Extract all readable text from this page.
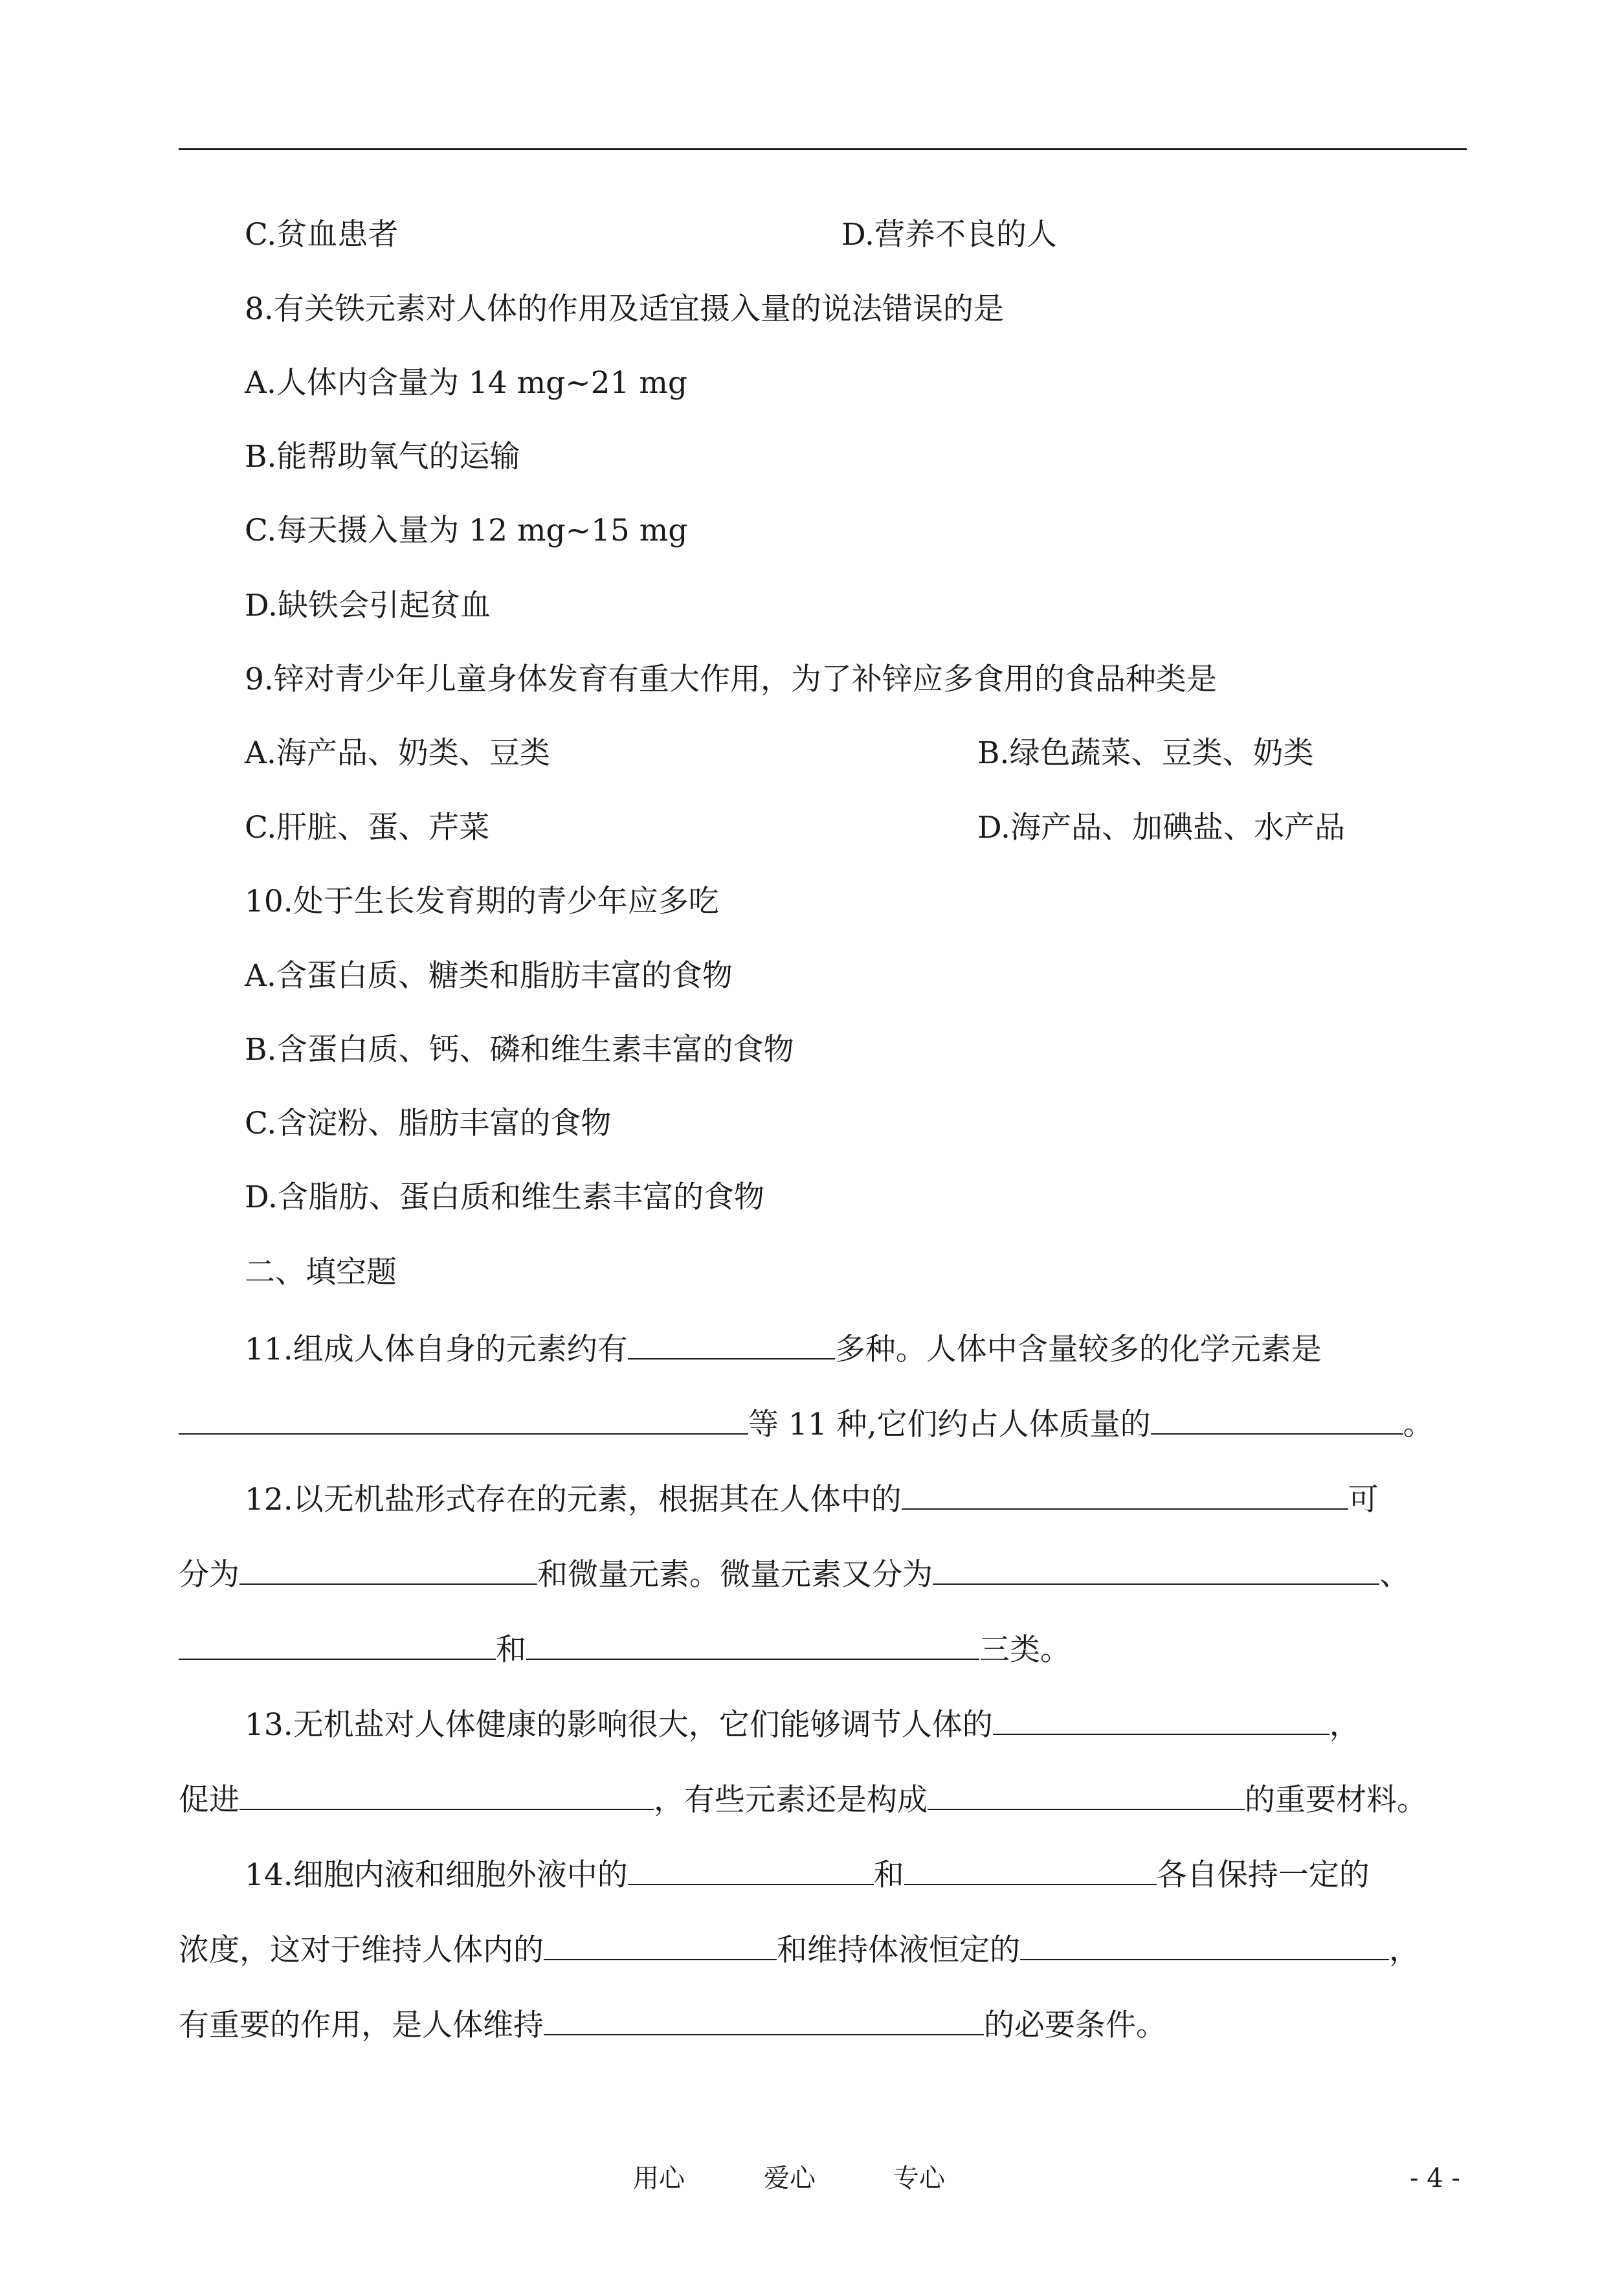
C.贫血患者	D.营养不良的人
8.有关铁元素对人体的作用及适宜摄入量的说法错误的是
A.人体内含量为 14 mg~21 mg
B.能帮助氧气的运输
C.每天摄入量为 12 mg~15 mg
D.缺铁会引起贫血
9.锌对青少年儿童身体发育有重大作用，为了补锌应多食用的食品种类是
A.海产品、奶类、豆类	B.绿色蔬菜、豆类、奶类
C.肝脏、蛋、芹菜	D.海产品、加碘盐、水产品
10.处于生长发育期的青少年应多吃
A.含蛋白质、糖类和脂肪丰富的食物
B.含蛋白质、钙、磷和维生素丰富的食物
C.含淀粉、脂肪丰富的食物
D.含脂肪、蛋白质和维生素丰富的食物
二、填空题
11.组成人体自身的元素约有	多种。人体中含量较多的化学元素是
等 11 种,它们约占人体质量的	。
12.以无机盐形式存在的元素，根据其在人体中的	可
分为	和微量元素。微量元素又分为	、
和	三类。
13.无机盐对人体健康的影响很大，它们能够调节人体的	，
促进	，有些元素还是构成	的重要材料。
14.细胞内液和细胞外液中的	和	各自保持一定的
浓度，这对于维持人体内的	和维持体液恒定的	，
有重要的作用，是人体维持	的必要条件。
用心	爱心	专心	- 4 -
